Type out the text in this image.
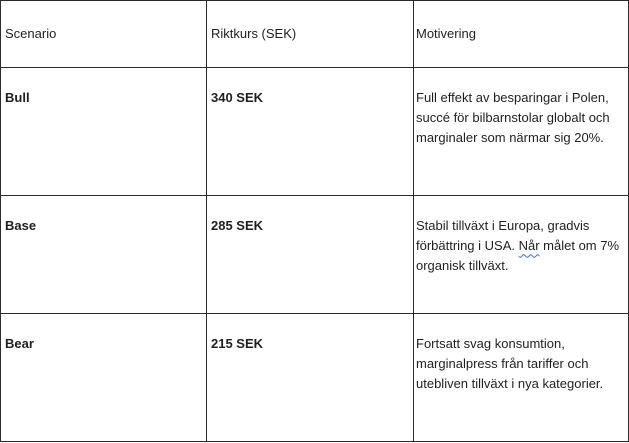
Scenario	Riktkurs (SEK)	Motivering

Bull	340 SEK	Full effekt av besparingar i Polen, succé för bilbarnstolar globalt och marginaler som närmar sig 20%.

Base	285 SEK	Stabil tillväxt i Europa, gradvis förbättring i USA. Når målet om 7% organisk tillväxt.

Bear	215 SEK	Fortsatt svag konsumtion, marginalpress från tariffer och utebliven tillväxt i nya kategorier.
